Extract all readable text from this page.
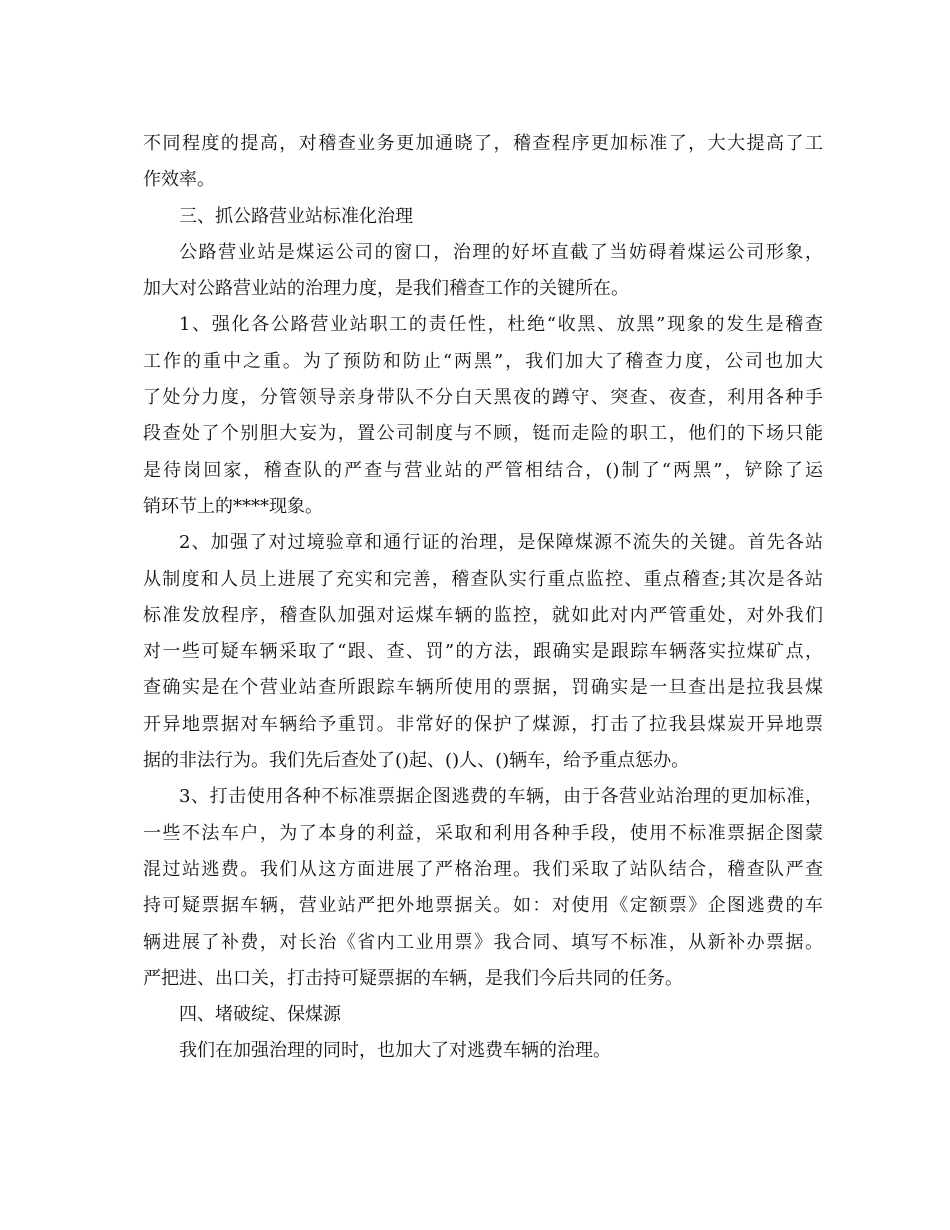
不同程度的提高，对稽查业务更加通晓了，稽查程序更加标准了，大大提高了工
作效率。
三、抓公路营业站标准化治理
公路营业站是煤运公司的窗口，治理的好坏直截了当妨碍着煤运公司形象，
加大对公路营业站的治理力度，是我们稽查工作的关键所在。
1、强化各公路营业站职工的责任性，杜绝“收黑、放黑”现象的发生是稽查
工作的重中之重。为了预防和防止“两黑”，我们加大了稽查力度，公司也加大
了处分力度，分管领导亲身带队不分白天黑夜的蹲守、突查、夜查，利用各种手
段查处了个别胆大妄为，置公司制度与不顾，铤而走险的职工，他们的下场只能
是待岗回家，稽查队的严查与营业站的严管相结合，()制了“两黑”，铲除了运
销环节上的****现象。
2、加强了对过境验章和通行证的治理，是保障煤源不流失的关键。首先各站
从制度和人员上进展了充实和完善，稽查队实行重点监控、重点稽查;其次是各站
标准发放程序，稽查队加强对运煤车辆的监控，就如此对内严管重处，对外我们
对一些可疑车辆采取了“跟、查、罚”的方法，跟确实是跟踪车辆落实拉煤矿点，
查确实是在个营业站查所跟踪车辆所使用的票据，罚确实是一旦查出是拉我县煤
开异地票据对车辆给予重罚。非常好的保护了煤源，打击了拉我县煤炭开异地票
据的非法行为。我们先后查处了()起、()人、()辆车，给予重点惩办。
3、打击使用各种不标准票据企图逃费的车辆，由于各营业站治理的更加标准，
一些不法车户，为了本身的利益，采取和利用各种手段，使用不标准票据企图蒙
混过站逃费。我们从这方面进展了严格治理。我们采取了站队结合，稽查队严查
持可疑票据车辆，营业站严把外地票据关。如：对使用《定额票》企图逃费的车
辆进展了补费，对长治《省内工业用票》我合同、填写不标准，从新补办票据。
严把进、出口关，打击持可疑票据的车辆，是我们今后共同的任务。
四、堵破绽、保煤源
我们在加强治理的同时，也加大了对逃费车辆的治理。
